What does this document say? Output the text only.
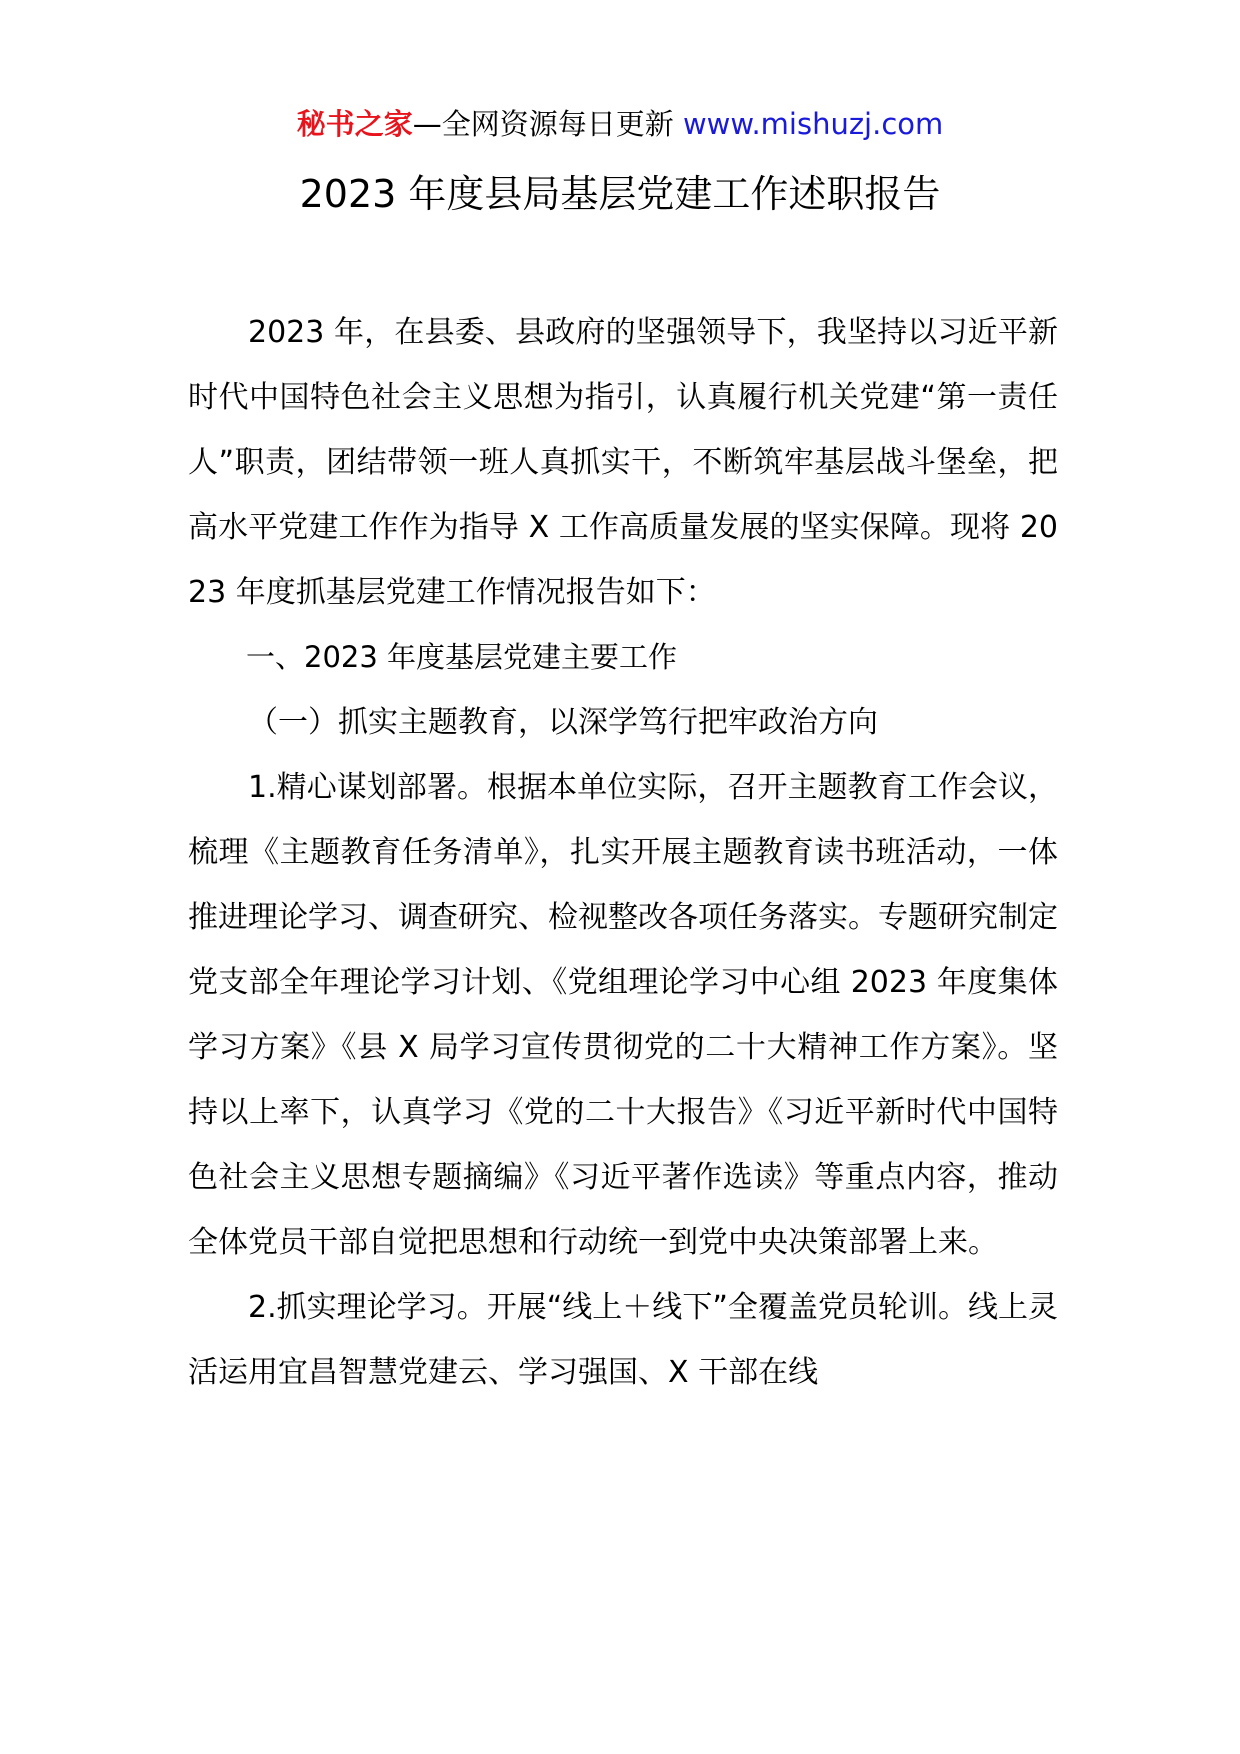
秘书之家—全网资源每日更新 www.mishuzj.com
2023 年度县局基层党建工作述职报告

2023 年，在县委、县政府的坚强领导下，我坚持以习近平新时代中国特色社会主义思想为指引，认真履行机关党建“第一责任人”职责，团结带领一班人真抓实干，不断筑牢基层战斗堡垒，把高水平党建工作作为指导 X 工作高质量发展的坚实保障。现将 2023 年度抓基层党建工作情况报告如下：

一、2023 年度基层党建主要工作

（一）抓实主题教育，以深学笃行把牢政治方向

1.精心谋划部署。根据本单位实际，召开主题教育工作会议，梳理《主题教育任务清单》，扎实开展主题教育读书班活动，一体推进理论学习、调查研究、检视整改各项任务落实。专题研究制定党支部全年理论学习计划、《党组理论学习中心组 2023 年度集体学习方案》《县 X 局学习宣传贯彻党的二十大精神工作方案》。坚持以上率下，认真学习《党的二十大报告》《习近平新时代中国特色社会主义思想专题摘编》《习近平著作选读》等重点内容，推动全体党员干部自觉把思想和行动统一到党中央决策部署上来。

2.抓实理论学习。开展“线上＋线下”全覆盖党员轮训。线上灵活运用宜昌智慧党建云、学习强国、X 干部在线
